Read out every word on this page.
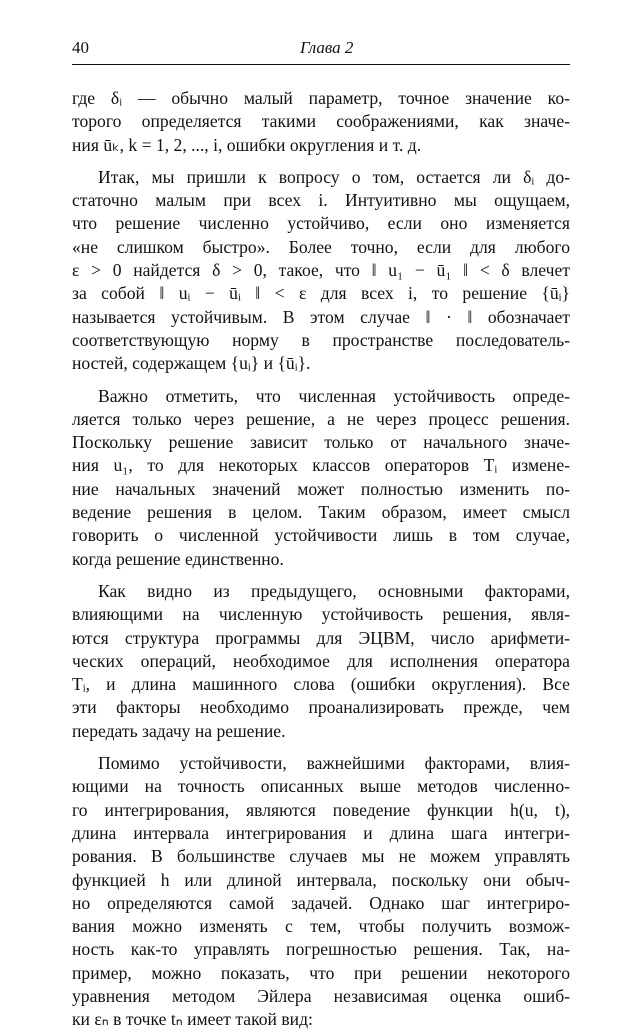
40	Глава 2
где δᵢ — обычно малый параметр, точное значение ко-
торого определяется такими соображениями, как значе-
ния ūₖ, k = 1, 2, ..., i, ошибки округления и т. д.
Итак, мы пришли к вопросу о том, остается ли δᵢ до-
статочно малым при всех i. Интуитивно мы ощущаем,
что решение численно устойчиво, если оно изменяется
«не слишком быстро». Более точно, если для любого
ε > 0 найдется δ > 0, такое, что ‖ u₁ − ū₁ ‖ < δ влечет
за собой ‖ uᵢ − ūᵢ ‖ < ε для всех i, то решение {ūᵢ}
называется устойчивым. В этом случае ‖ · ‖ обозначает
соответствующую норму в пространстве последователь-
ностей, содержащем {uᵢ} и {ūᵢ}.
Важно отметить, что численная устойчивость опреде-
ляется только через решение, а не через процесс решения.
Поскольку решение зависит только от начального значе-
ния u₁, то для некоторых классов операторов Tᵢ измене-
ние начальных значений может полностью изменить по-
ведение решения в целом. Таким образом, имеет смысл
говорить о численной устойчивости лишь в том случае,
когда решение единственно.
Как видно из предыдущего, основными факторами,
влияющими на численную устойчивость решения, явля-
ются структура программы для ЭЦВМ, число арифмети-
ческих операций, необходимое для исполнения оператора
Tᵢ, и длина машинного слова (ошибки округления). Все
эти факторы необходимо проанализировать прежде, чем
передать задачу на решение.
Помимо устойчивости, важнейшими факторами, влия-
ющими на точность описанных выше методов численно-
го интегрирования, являются поведение функции h(u, t),
длина интервала интегрирования и длина шага интегри-
рования. В большинстве случаев мы не можем управлять
функцией h или длиной интервала, поскольку они обыч-
но определяются самой задачей. Однако шаг интегриро-
вания можно изменять с тем, чтобы получить возмож-
ность как-то управлять погрешностью решения. Так, на-
пример, можно показать, что при решении некоторого
уравнения методом Эйлера независимая оценка ошиб-
ки εₙ в точке tₙ имеет такой вид:
